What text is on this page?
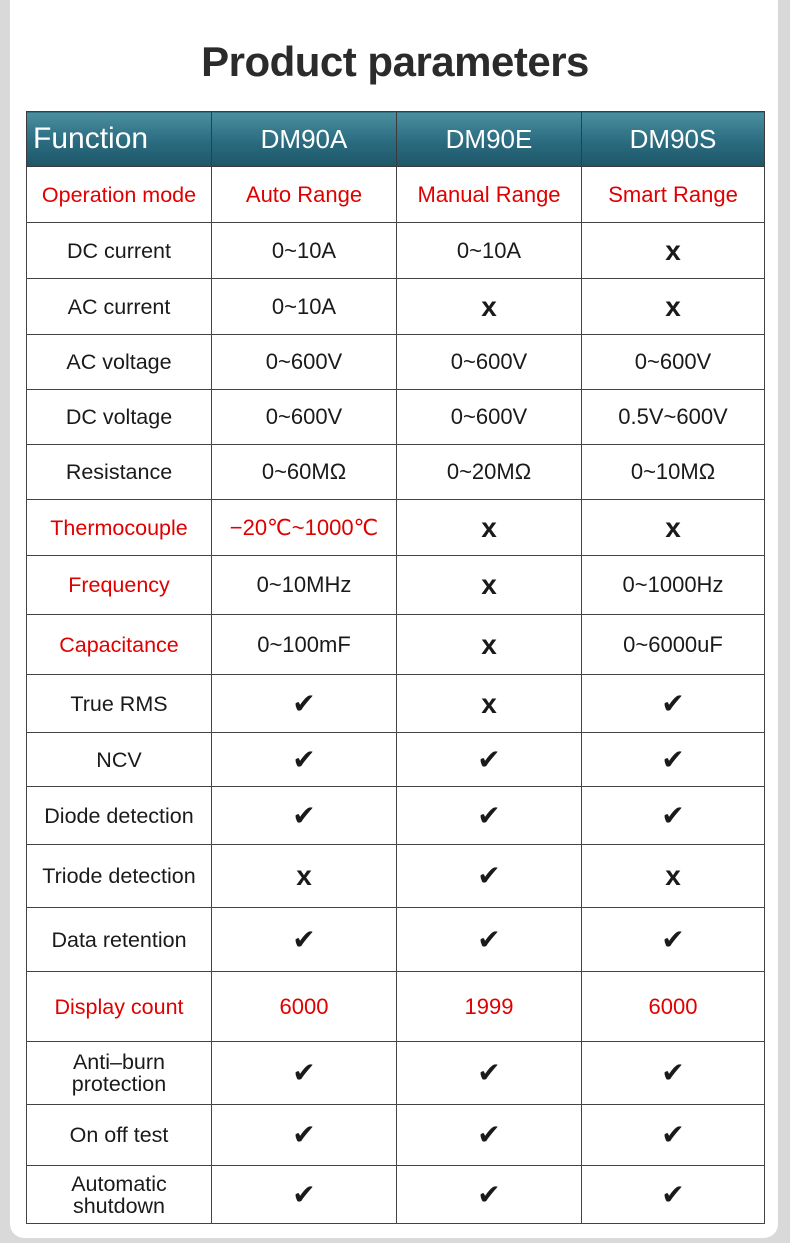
Product parameters
Function	DM90A	DM90E	DM90S
Operation mode	Auto Range	Manual Range	Smart Range
DC current	0~10A	0~10A	x
AC current	0~10A	x	x
AC voltage	0~600V	0~600V	0~600V
DC voltage	0~600V	0~600V	0.5V~600V
Resistance	0~60MΩ	0~20MΩ	0~10MΩ
Thermocouple	−20℃~1000℃	x	x
Frequency	0~10MHz	x	0~1000Hz
Capacitance	0~100mF	x	0~6000uF
True RMS	✔	x	✔
NCV	✔	✔	✔
Diode detection	✔	✔	✔
Triode detection	x	✔	x
Data retention	✔	✔	✔
Display count	6000	1999	6000
Anti–burn
protection	✔	✔	✔
On off test	✔	✔	✔
Automatic
shutdown	✔	✔	✔
